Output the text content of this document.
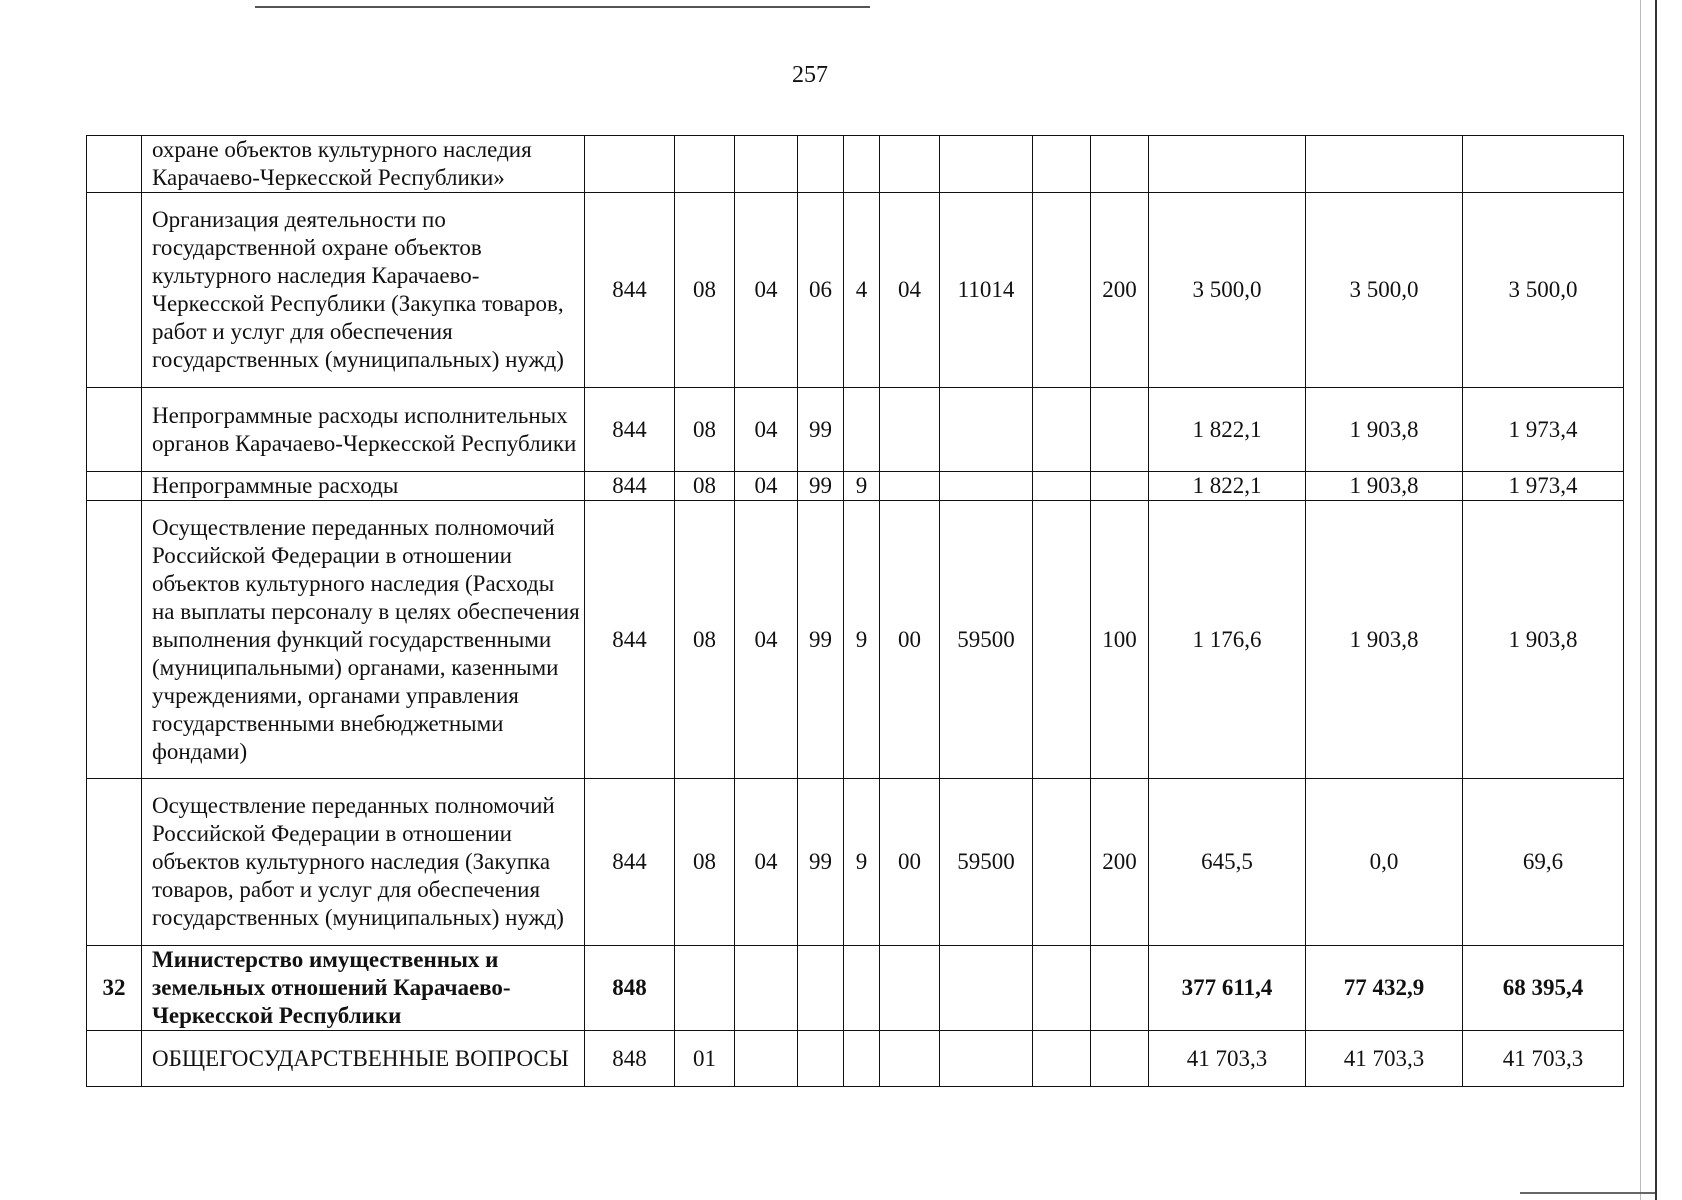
257
	охране объектов культурного наследия Карачаево-Черкесской Республики»												
	Организация деятельности по государственной охране объектов культурного наследия Карачаево-Черкесской Республики (Закупка товаров, работ и услуг для обеспечения государственных (муниципальных) нужд)	844	08	04	06	4	04	11014		200	3 500,0	3 500,0	3 500,0
	Непрограммные расходы исполнительных органов Карачаево-Черкесской Республики	844	08	04	99						1 822,1	1 903,8	1 973,4
	Непрограммные расходы	844	08	04	99	9					1 822,1	1 903,8	1 973,4
	Осуществление переданных полномочий Российской Федерации в отношении объектов культурного наследия (Расходы на выплаты персоналу в целях обеспечения выполнения функций государственными (муниципальными) органами, казенными учреждениями, органами управления государственными внебюджетными фондами)	844	08	04	99	9	00	59500		100	1 176,6	1 903,8	1 903,8
	Осуществление переданных полномочий Российской Федерации в отношении объектов культурного наследия (Закупка товаров, работ и услуг для обеспечения государственных (муниципальных) нужд)	844	08	04	99	9	00	59500		200	645,5	0,0	69,6
32	Министерство имущественных и земельных отношений Карачаево-Черкесской Республики	848									377 611,4	77 432,9	68 395,4
	ОБЩЕГОСУДАРСТВЕННЫЕ ВОПРОСЫ	848	01								41 703,3	41 703,3	41 703,3
